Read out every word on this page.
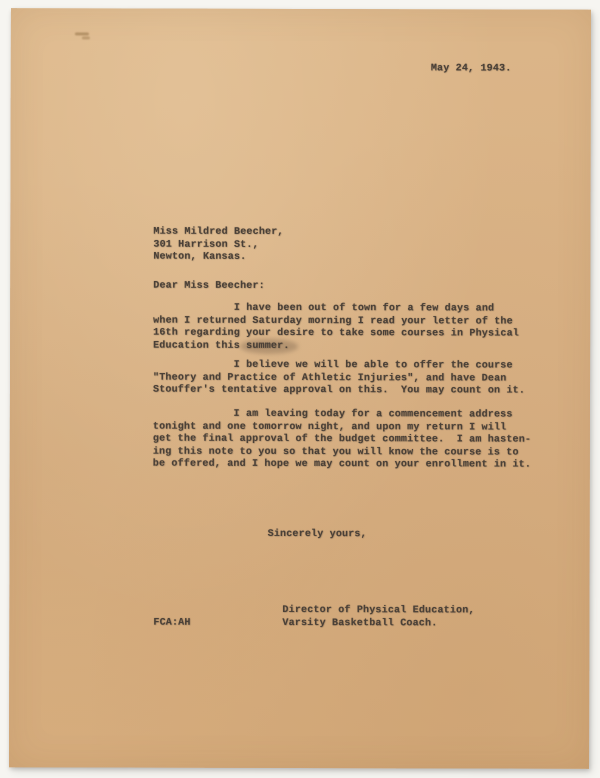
May 24, 1943.
Miss Mildred Beecher,
301 Harrison St.,
Newton, Kansas.
Dear Miss Beecher:
I have been out of town for a few days and
when I returned Saturday morning I read your letter of the
16th regarding your desire to take some courses in Physical
Education this summer.
I believe we will be able to offer the course
"Theory and Practice of Athletic Injuries", and have Dean
Stouffer's tentative approval on this.  You may count on it.
I am leaving today for a commencement address
tonight and one tomorrow night, and upon my return I will
get the final approval of the budget committee.  I am hasten-
ing this note to you so that you will know the course is to
be offered, and I hope we may count on your enrollment in it.
Sincerely yours,
Director of Physical Education,
Varsity Basketball Coach.
FCA:AH
